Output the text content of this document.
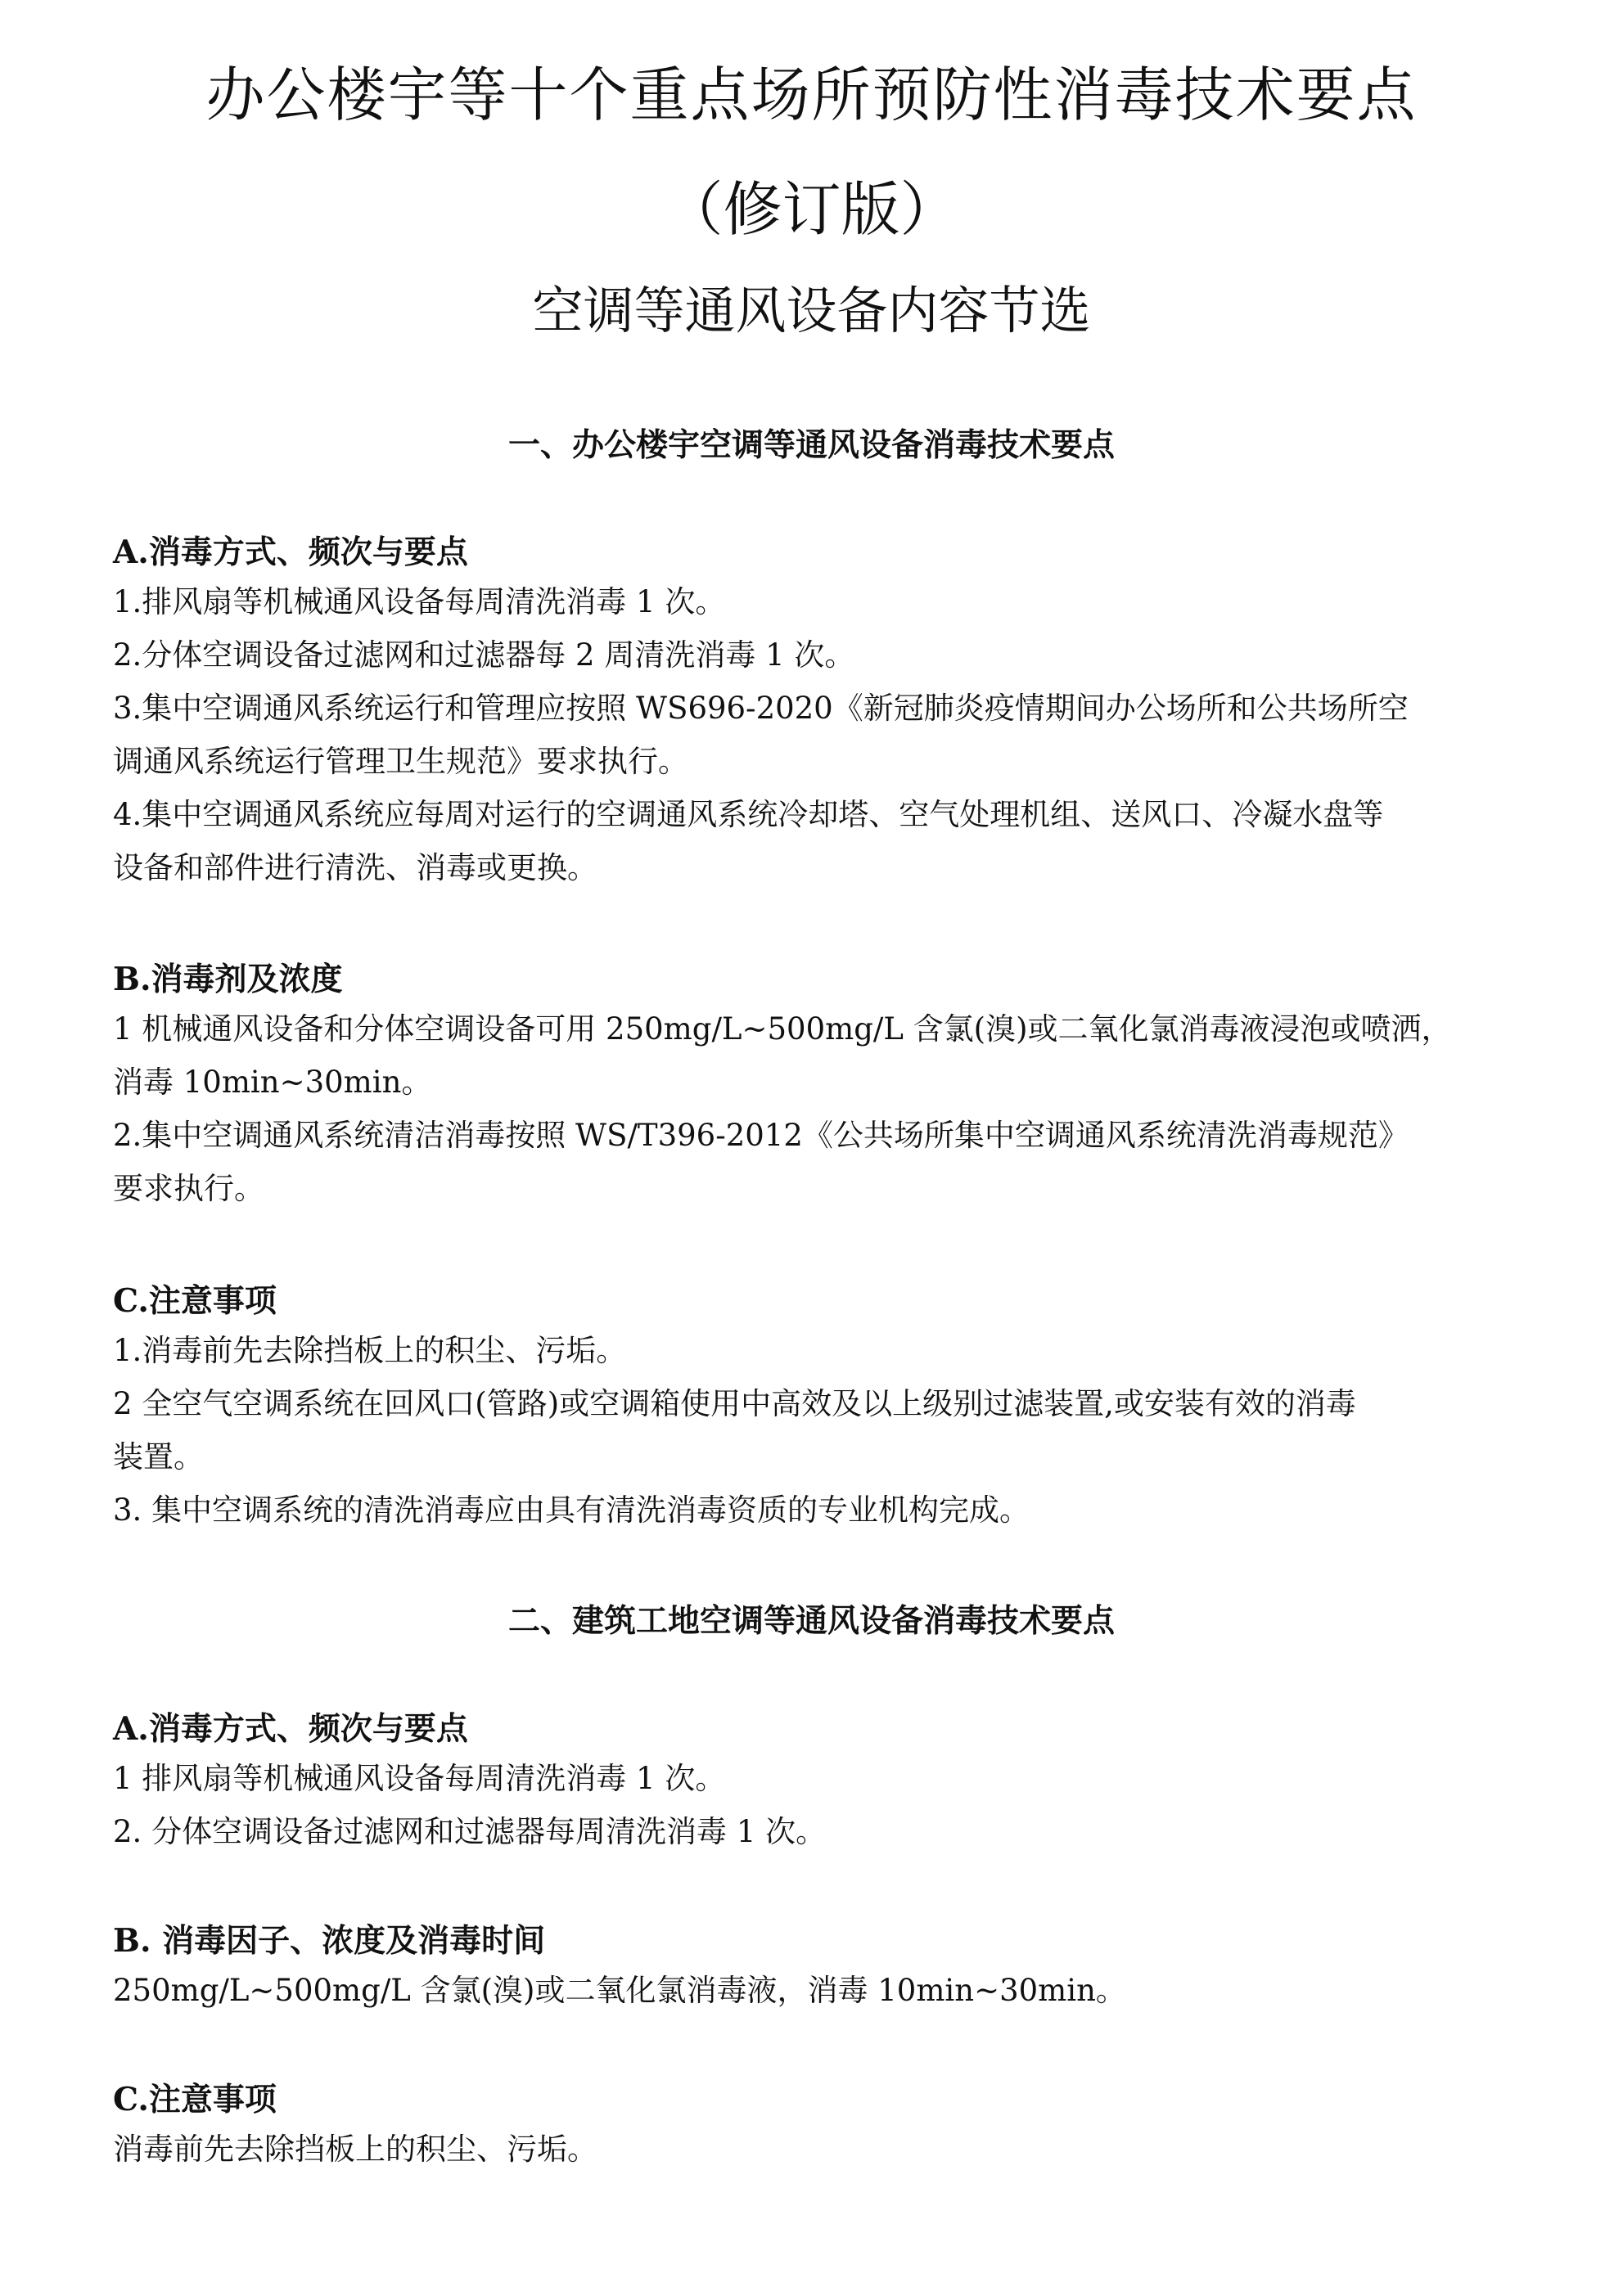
办公楼宇等十个重点场所预防性消毒技术要点
（修订版）
空调等通风设备内容节选
一、办公楼宇空调等通风设备消毒技术要点
A.消毒方式、频次与要点
1.排风扇等机械通风设备每周清洗消毒 1 次。
2.分体空调设备过滤网和过滤器每 2 周清洗消毒 1 次。
3.集中空调通风系统运行和管理应按照 WS696-2020《新冠肺炎疫情期间办公场所和公共场所空
调通风系统运行管理卫生规范》要求执行。
4.集中空调通风系统应每周对运行的空调通风系统冷却塔、空气处理机组、送风口、冷凝水盘等
设备和部件进行清洗、消毒或更换。
B.消毒剂及浓度
1 机械通风设备和分体空调设备可用 250mg/L~500mg/L 含氯(溴)或二氧化氯消毒液浸泡或喷洒，
消毒 10min~30min。
2.集中空调通风系统清洁消毒按照 WS/T396-2012《公共场所集中空调通风系统清洗消毒规范》
要求执行。
C.注意事项
1.消毒前先去除挡板上的积尘、污垢。
2 全空气空调系统在回风口(管路)或空调箱使用中高效及以上级别过滤装置,或安装有效的消毒
装置。
3. 集中空调系统的清洗消毒应由具有清洗消毒资质的专业机构完成。
二、建筑工地空调等通风设备消毒技术要点
A.消毒方式、频次与要点
1 排风扇等机械通风设备每周清洗消毒 1 次。
2. 分体空调设备过滤网和过滤器每周清洗消毒 1 次。
B. 消毒因子、浓度及消毒时间
250mg/L~500mg/L 含氯(溴)或二氧化氯消毒液，消毒 10min~30min。
C.注意事项
消毒前先去除挡板上的积尘、污垢。
